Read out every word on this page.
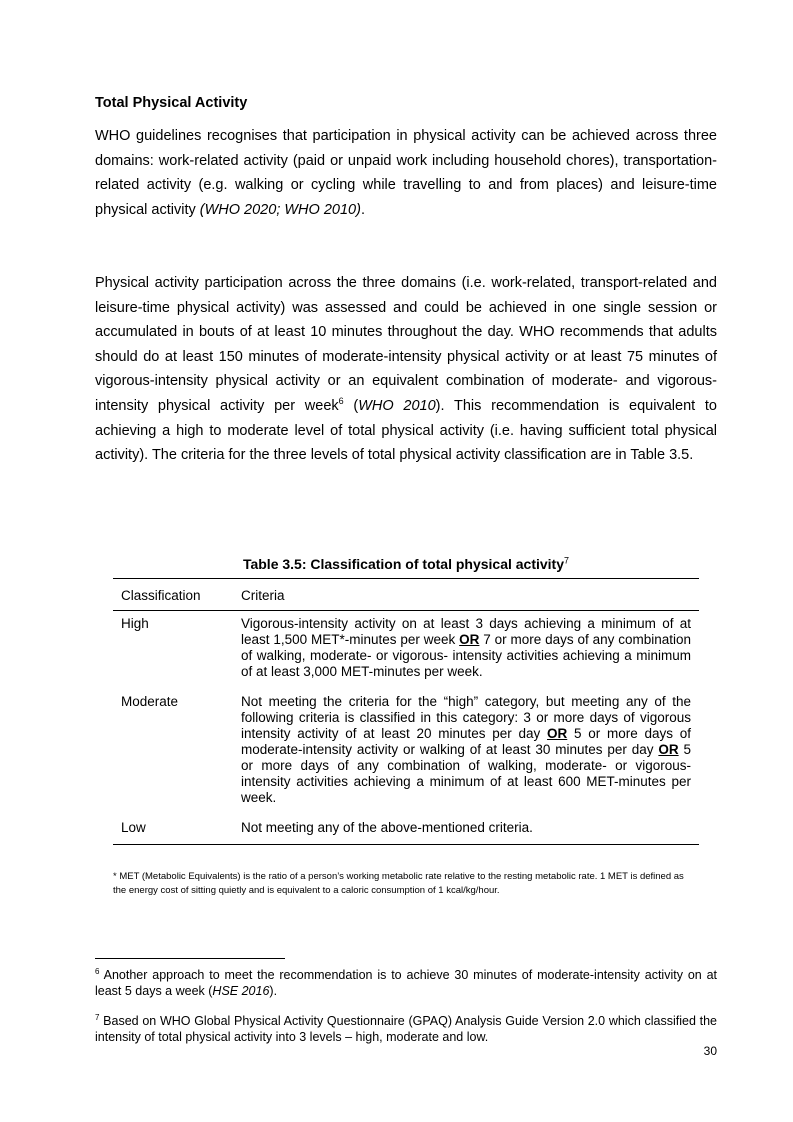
Total Physical Activity

WHO guidelines recognises that participation in physical activity can be achieved across three domains: work-related activity (paid or unpaid work including household chores), transportation-related activity (e.g. walking or cycling while travelling to and from places) and leisure-time physical activity (WHO 2020; WHO 2010).

Physical activity participation across the three domains (i.e. work-related, transport-related and leisure-time physical activity) was assessed and could be achieved in one single session or accumulated in bouts of at least 10 minutes throughout the day. WHO recommends that adults should do at least 150 minutes of moderate-intensity physical activity or at least 75 minutes of vigorous-intensity physical activity or an equivalent combination of moderate- and vigorous-intensity physical activity per week$^6$ (WHO 2010). This recommendation is equivalent to achieving a high to moderate level of total physical activity (i.e. having sufficient total physical activity). The criteria for the three levels of total physical activity classification are in Table 3.5.

Table 3.5: Classification of total physical activity$^7$
Classification	Criteria
High	Vigorous-intensity activity on at least 3 days achieving a minimum of at least 1,500 MET*-minutes per week OR 7 or more days of any combination of walking, moderate- or vigorous- intensity activities achieving a minimum of at least 3,000 MET-minutes per week.
Moderate	Not meeting the criteria for the “high” category, but meeting any of the following criteria is classified in this category: 3 or more days of vigorous intensity activity of at least 20 minutes per day OR 5 or more days of moderate-intensity activity or walking of at least 30 minutes per day OR 5 or more days of any combination of walking, moderate- or vigorous-intensity activities achieving a minimum of at least 600 MET-minutes per week.
Low	Not meeting any of the above-mentioned criteria.
* MET (Metabolic Equivalents) is the ratio of a person’s working metabolic rate relative to the resting metabolic rate. 1 MET is defined as the energy cost of sitting quietly and is equivalent to a caloric consumption of 1 kcal/kg/hour.

$^6$ Another approach to meet the recommendation is to achieve 30 minutes of moderate-intensity activity on at least 5 days a week (HSE 2016).

$^7$ Based on WHO Global Physical Activity Questionnaire (GPAQ) Analysis Guide Version 2.0 which classified the intensity of total physical activity into 3 levels – high, moderate and low.

30
